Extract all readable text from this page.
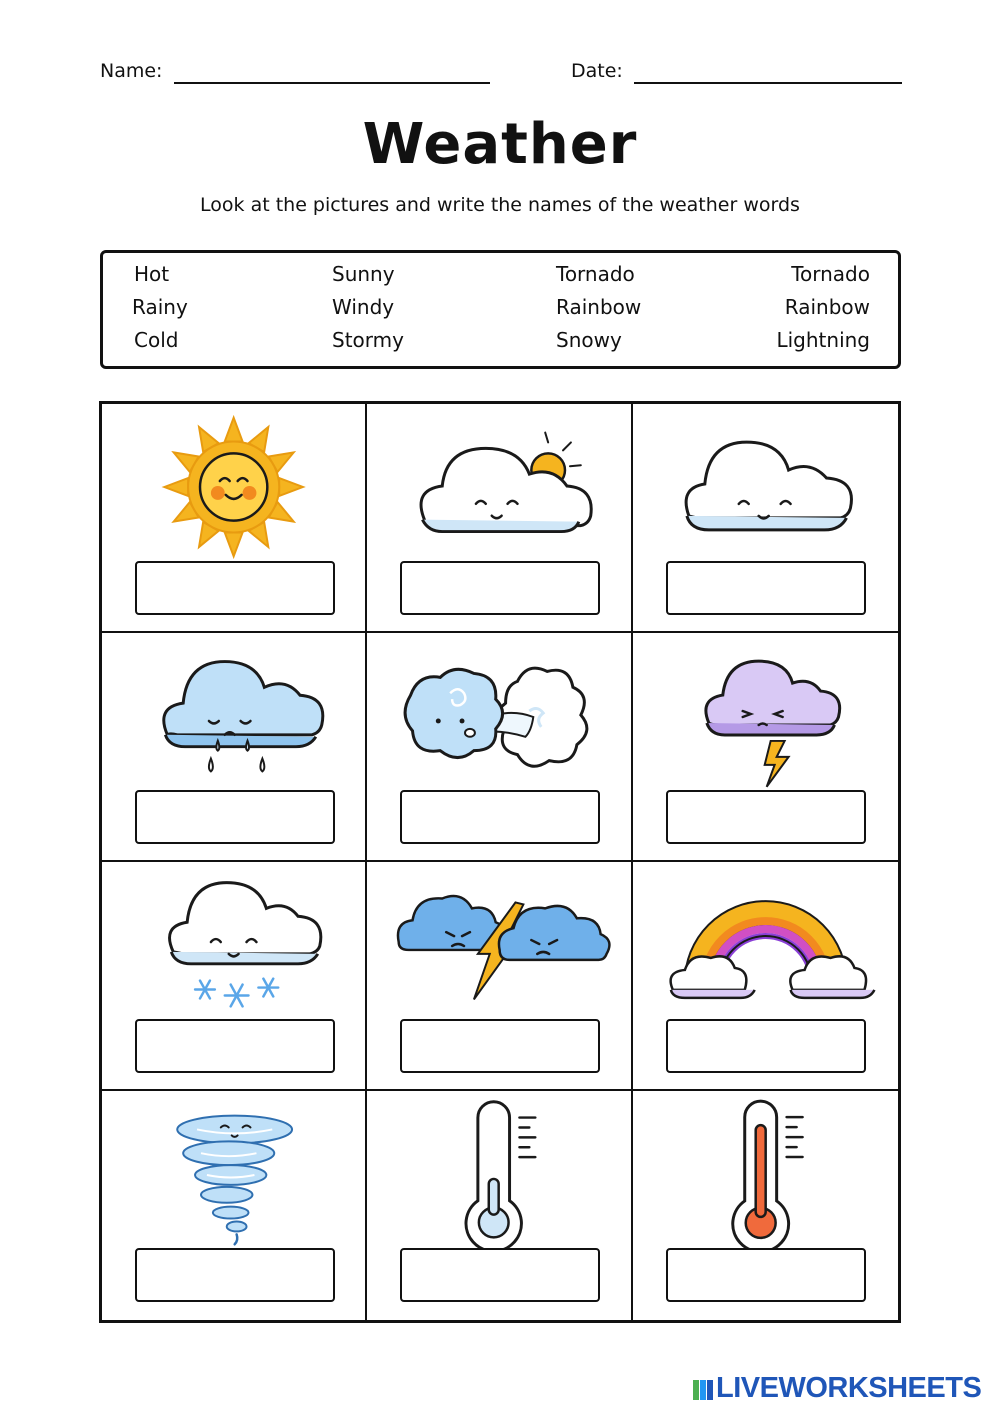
Name:	Date:
Weather
Look at the pictures and write the names of the weather words
Hot
Rainy
Cold
Sunny
Windy
Stormy
Tornado
Rainbow
Snowy
Tornado
Rainbow
Lightning
LIVEWORKSHEETS
